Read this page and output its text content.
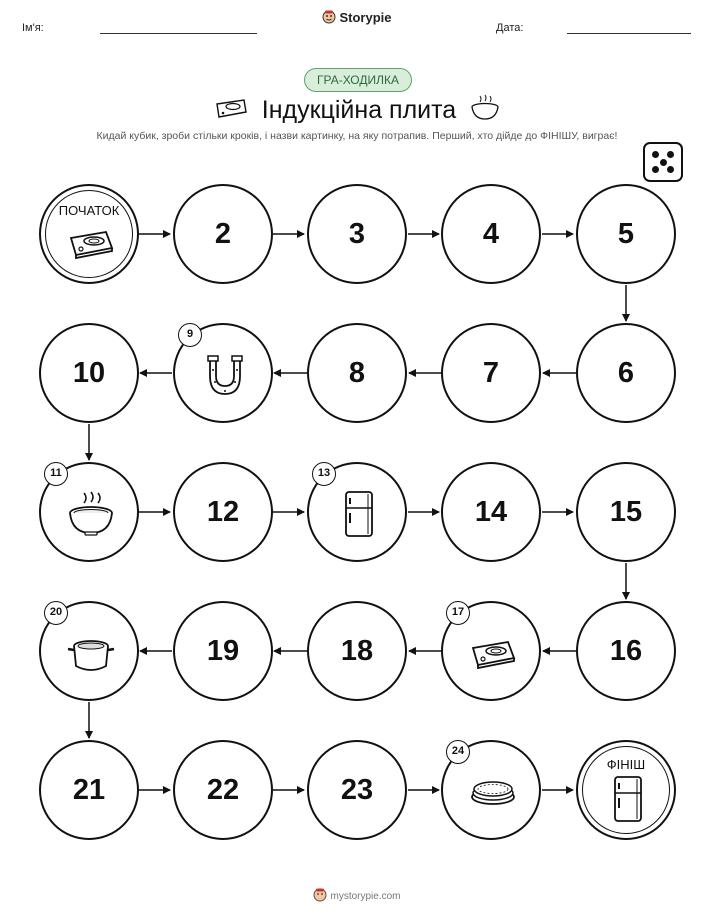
Ім'я:
Storypie
Дата:
ГРА-ХОДИЛКА
Індукційна плита
Кидай кубик, зроби стільки кроків, і назви картинку, на яку потрапив. Перший, хто дійде до ФІНІШУ, виграє!
ПОЧАТОК
2	3	4	5
6
7
8
9
10
11
12
13
14	15
16
17
18
19
20
21	22	23
24
ФІНІШ
mystorypie.com
